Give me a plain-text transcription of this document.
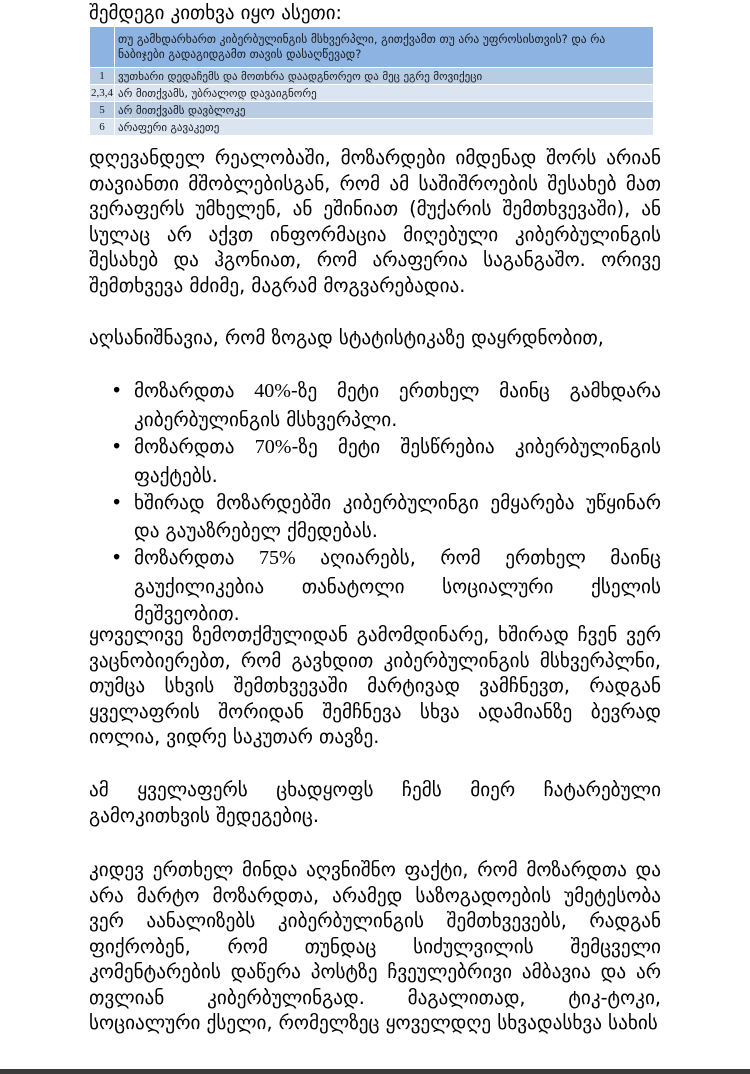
შემდეგი კითხვა იყო ასეთი:
	თუ გამხდარხართ კიბერბულინგის მსხვერპლი, გითქვამთ თუ არა უფროსისთვის? და რა ნაბიჯები გადაგიდგამთ თავის დასაღწევად?
1	ვუთხარი დედაჩემს და მოთხრა დაადგნორეო და მეც ეგრე მოვიქეცი
2,3,4	არ მითქვამს, უბრალოდ დავაიგნორე
5	არ მითქვამს დავბლოკე
6	არაფერი გავაკეთე

დღევანდელ რეალობაში, მოზარდები იმდენად შორს არიან თავიანთი მშობლებისგან, რომ ამ საშიშროების შესახებ მათ ვერაფერს უმხელენ, ან ეშინიათ (მუქარის შემთხვევაში), ან სულაც არ აქვთ ინფორმაცია მიღებული კიბერბულინგის შესახებ და ჰგონიათ, რომ არაფერია საგანგაშო. ორივე შემთხვევა მძიმე, მაგრამ მოგვარებადია.

აღსანიშნავია, რომ ზოგად სტატისტიკაზე დაყრდნობით,

• მოზარდთა 40%-ზე მეტი ერთხელ მაინც გამხდარა კიბერბულინგის მსხვერპლი.
• მოზარდთა 70%-ზე მეტი შესწრებია კიბერბულინგის ფაქტებს.
• ხშირად მოზარდებში კიბერბულინგი ემყარება უწყინარ და გაუაზრებელ ქმედებას.
• მოზარდთა 75% აღიარებს, რომ ერთხელ მაინც გაუქილიკებია თანატოლი სოციალური ქსელის მეშვეობით.

ყოველივე ზემოთქმულიდან გამომდინარე, ხშირად ჩვენ ვერ ვაცნობიერებთ, რომ გავხდით კიბერბულინგის მსხვერპლნი, თუმცა სხვის შემთხვევაში მარტივად ვამჩნევთ, რადგან ყველაფრის შორიდან შემჩნევა სხვა ადამიანზე ბევრად იოლია, ვიდრე საკუთარ თავზე.

ამ ყველაფერს ცხადყოფს ჩემს მიერ ჩატარებული გამოკითხვის შედეგებიც.

კიდევ ერთხელ მინდა აღვნიშნო ფაქტი, რომ მოზარდთა და არა მარტო მოზარდთა, არამედ საზოგადოების უმეტესობა ვერ აანალიზებს კიბერბულინგის შემთხვევებს, რადგან ფიქრობენ, რომ თუნდაც სიძულვილის შემცველი კომენტარების დაწერა პოსტზე ჩვეულებრივი ამბავია და არ თვლიან კიბერბულინგად. მაგალითად, ტიკ-ტოკი, სოციალური ქსელი, რომელზეც ყოველდღე სხვადასხვა სახის
